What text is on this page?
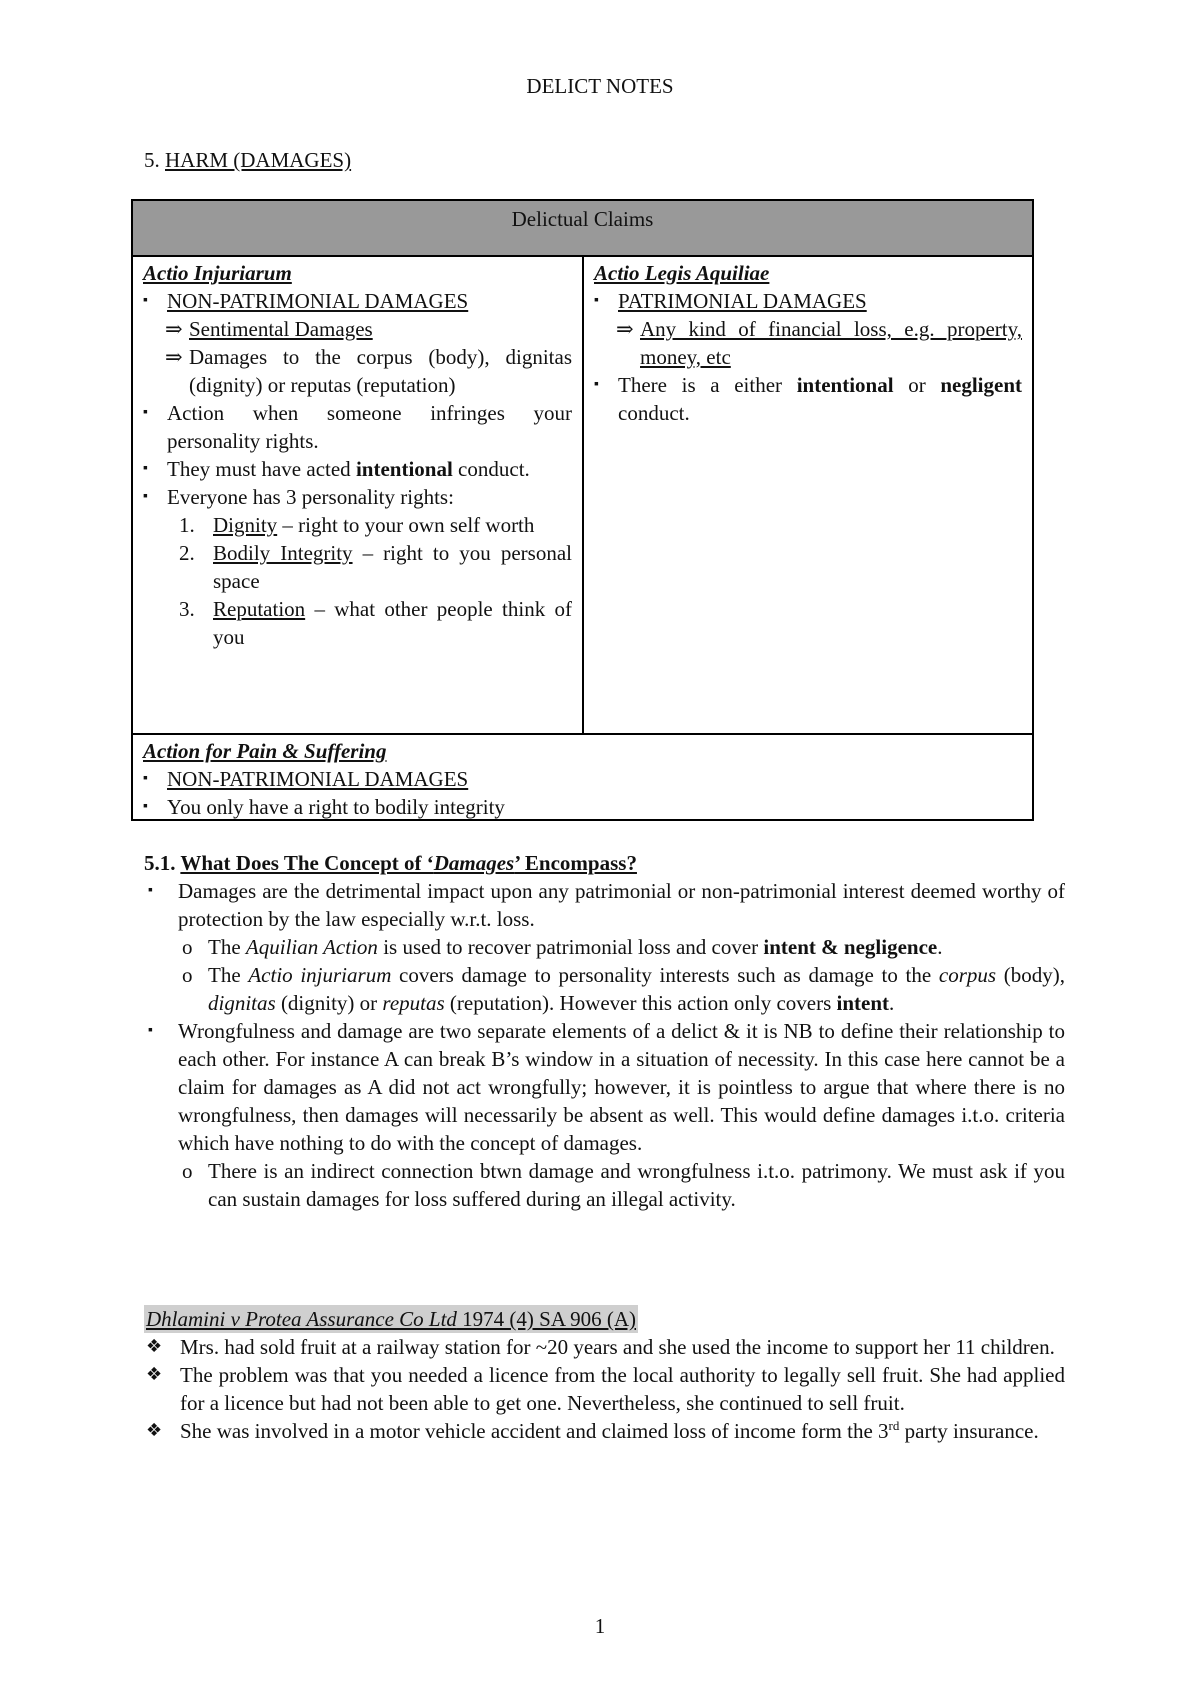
DELICT NOTES
5. HARM (DAMAGES)
Delictual Claims
Actio Injuriarum
▪ NON-PATRIMONIAL DAMAGES
⇒ Sentimental Damages
⇒ Damages to the corpus (body), dignitas (dignity) or reputas (reputation)
▪ Action when someone infringes your personality rights.
▪ They must have acted intentional conduct.
▪ Everyone has 3 personality rights:
1. Dignity – right to your own self worth
2. Bodily Integrity – right to you personal space
3. Reputation – what other people think of you
Actio Legis Aquiliae
▪ PATRIMONIAL DAMAGES
⇒ Any kind of financial loss, e.g. property, money, etc
▪ There is a either intentional or negligent conduct.
Action for Pain & Suffering
▪ NON-PATRIMONIAL DAMAGES
▪ You only have a right to bodily integrity
5.1. What Does The Concept of ‘Damages’ Encompass?
▪ Damages are the detrimental impact upon any patrimonial or non-patrimonial interest deemed worthy of protection by the law especially w.r.t. loss.
o The Aquilian Action is used to recover patrimonial loss and cover intent & negligence.
o The Actio injuriarum covers damage to personality interests such as damage to the corpus (body), dignitas (dignity) or reputas (reputation). However this action only covers intent.
▪ Wrongfulness and damage are two separate elements of a delict & it is NB to define their relationship to each other. For instance A can break B’s window in a situation of necessity. In this case here cannot be a claim for damages as A did not act wrongfully; however, it is pointless to argue that where there is no wrongfulness, then damages will necessarily be absent as well. This would define damages i.t.o. criteria which have nothing to do with the concept of damages.
o There is an indirect connection btwn damage and wrongfulness i.t.o. patrimony. We must ask if you can sustain damages for loss suffered during an illegal activity.
Dhlamini v Protea Assurance Co Ltd 1974 (4) SA 906 (A)
❖ Mrs. had sold fruit at a railway station for ~20 years and she used the income to support her 11 children.
❖ The problem was that you needed a licence from the local authority to legally sell fruit. She had applied for a licence but had not been able to get one. Nevertheless, she continued to sell fruit.
❖ She was involved in a motor vehicle accident and claimed loss of income form the 3rd party insurance.
1
